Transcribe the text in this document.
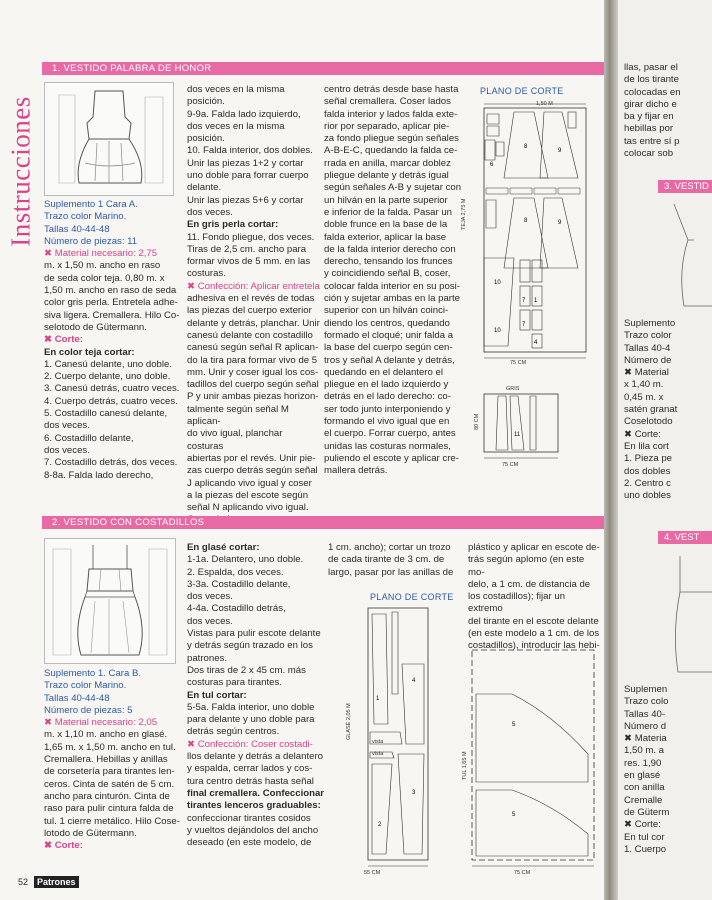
Instrucciones
1. VESTIDO PALABRA DE HONOR

Suplemento 1 Cara A.

Trazo color Marino.

Tallas 40-44-48

Número de piezas: 11

✖ Material necesario: 2,75

m. x 1,50 m. ancho en raso

de seda color teja. 0,80 m. x

1,50 m. ancho en raso de seda

color gris perla. Entretela adhe-

siva ligera. Cremallera. Hilo Co-

selotodo de Gütermann.

✖ Corte:

En color teja cortar:

1. Canesú delante, uno doble.

2. Cuerpo delante, uno doble.

3. Canesú detrás, cuatro veces.

4. Cuerpo detrás, cuatro veces.

5. Costadillo canesú delante,

dos veces.

6. Costadillo delante,

dos veces.

7. Costadillo detrás, dos veces.

8-8a. Falda lado derecho,

dos veces en la misma posición.

9-9a. Falda lado izquierdo,

dos veces en la misma posición.

10. Falda interior, dos dobles.

Unir las piezas 1+2 y cortar

uno doble para forrar cuerpo

delante.

Unir las piezas 5+6 y cortar

dos veces.

En gris perla cortar:

11. Fondo pliegue, dos veces.

Tiras de 2,5 cm. ancho para

formar vivos de 5 mm. en las

costuras.

✖ Confección: Aplicar entretela

adhesiva en el revés de todas

las piezas del cuerpo exterior

delante y detrás, planchar. Unir

canesú delante con costadillo

canesú según señal R aplican-

do la tira para formar vivo de 5

mm. Unir y coser igual los cos-

tadillos del cuerpo según señal

P y unir ambas piezas horizon-

talmente según señal M aplican-

do vivo igual, planchar costuras

abiertas por el revés. Unir pie-

zas cuerpo detrás según señal

J aplicando vivo igual y coser

a la piezas del escote según

señal N aplicando vivo igual.

centro detrás desde base hasta

señal cremallera. Coser lados

falda interior y lados falda exte-

rior por separado, aplicar pie-

za fondo pliegue según señales

A-B-E-C, quedando la falda ce-

rrada en anilla, marcar doblez

pliegue delante y detrás igual

según señales A-B y sujetar con

un hilván en la parte superior

e inferior de la falda. Pasar un

doble frunce en la base de la

falda exterior, aplicar la base

de la falda interior derecho con

derecho, tensando los frunces

y coincidiendo señal B, coser,

colocar falda interior en su posi-

ción y sujetar ambas en la parte

superior con un hilván coinci-

diendo los centros, quedando

formado el cloqué; unir falda a

la base del cuerpo según cen-

tros y señal A delante y detrás,

quedando en el delantero el

pliegue en el lado izquierdo y

detrás en el lado derecho: co-

ser todo junto interponiendo y

formando el vivo igual que en

el cuerpo. Forrar cuerpo, antes

unidas las costuras normales,

puliendo el escote y aplicar cre-

mallera detrás.

PLANO DE CORTE
6
8
9
8	9
10
10
7
7
1
4
11
1,50 M
TEJA 2,75 M
75 CM
GRIS
80 CM
75 CM
2. VESTIDO CON COSTADILLOS

Suplemento 1. Cara B.

Trazo color Marino.

Tallas 40-44-48

Número de piezas: 5

✖ Material necesario: 2,05

m. x 1,10 m. ancho en glasé.

1,65 m. x 1,50 m. ancho en tul.

Cremallera. Hebillas y anillas

de corsetería para tirantes len-

ceros. Cinta de satén de 5 cm.

ancho para cinturón. Cinta de

raso para pulir cintura falda de

tul. 1 cierre metálico. Hilo Cose-

lotodo de Gütermann.

✖ Corte:

En glasé cortar:

1-1a. Delantero, uno doble.

2. Espalda, dos veces.

3-3a. Costadillo delante,

dos veces.

4-4a. Costadillo detrás,

dos veces.

Vistas para pulir escote delante

y detrás según trazado en los

patrones.

Dos tiras de 2 x 45 cm. más

costuras para tirantes.

En tul cortar:

5-5a. Falda interior, uno doble

para delante y uno doble para

detrás según centros.

✖ Confección: Coser costadi-

llos delante y detrás a delantero

y espalda, cerrar lados y cos-

tura centro detrás hasta señal

final cremallera. Confeccionar

tirantes lenceros graduables:

confeccionar tirantes cosidos

y vueltos dejándolos del ancho

deseado (en este modelo, de

1 cm. ancho); cortar un trozo

de cada tirante de 3 cm. de

largo, pasar por las anillas de

plástico y aplicar en escote de-

trás según aplomo (en este mo-

delo, a 1 cm. de distancia de

los costadillos); fijar un extremo

del tirante en el escote delante

(en este modelo a 1 cm. de los

costadillos), introducir las hebi-

PLANO DE CORTE
1
4
3
2
5
5
GLASÉ 2,05 M
vista
vista
55 CM
TUL 1,65 M
75 CM
52 Patrones
llas, pasar el
de los tirante
colocadas en
girar dicho e
ba y fijar en
hebillas por
tas entre sí p
colocar sob
3. VESTID
Suplemento
Trazo color
Tallas 40-4
Número de
✖ Material
x 1,40 m.
0,45 m. x
satén granat
Coselotodo
✖ Corte:
En lila cort
1. Pieza pe
dos dobles
2. Centro c
uno dobles
4. VEST
Suplemen
Trazo colo
Tallas 40-
Número d
✖ Materia
1,50 m. a
res. 1,90
en glasé
con anilla
Cremalle
de Güterm
✖ Corte:
En tul cor
1. Cuerpo
